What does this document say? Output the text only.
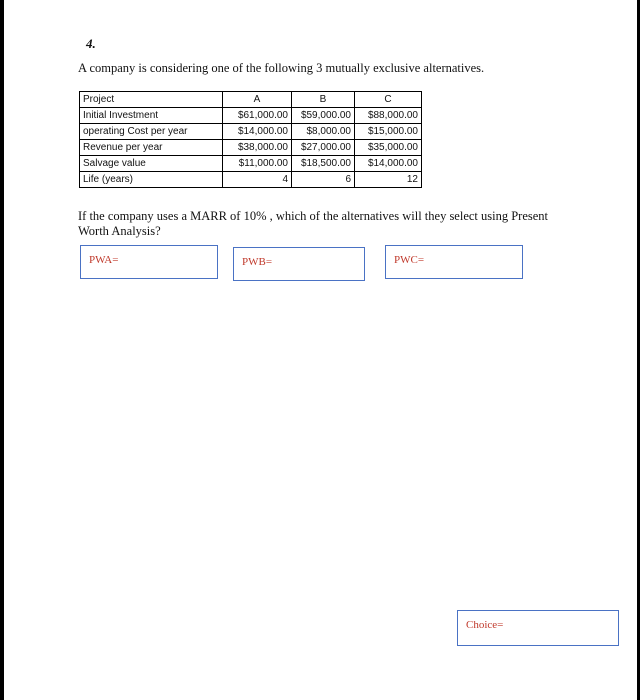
4.
A company is considering one of the following 3 mutually exclusive alternatives.
Project	A	B	C
Initial Investment	$61,000.00	$59,000.00	$88,000.00
operating Cost per year	$14,000.00	$8,000.00	$15,000.00
Revenue per year	$38,000.00	$27,000.00	$35,000.00
Salvage value	$11,000.00	$18,500.00	$14,000.00
Life (years)	4	6	12
If the company uses a MARR of 10% , which of the alternatives will they select using Present Worth Analysis?
PWA=	PWB=	PWC=
Choice=
